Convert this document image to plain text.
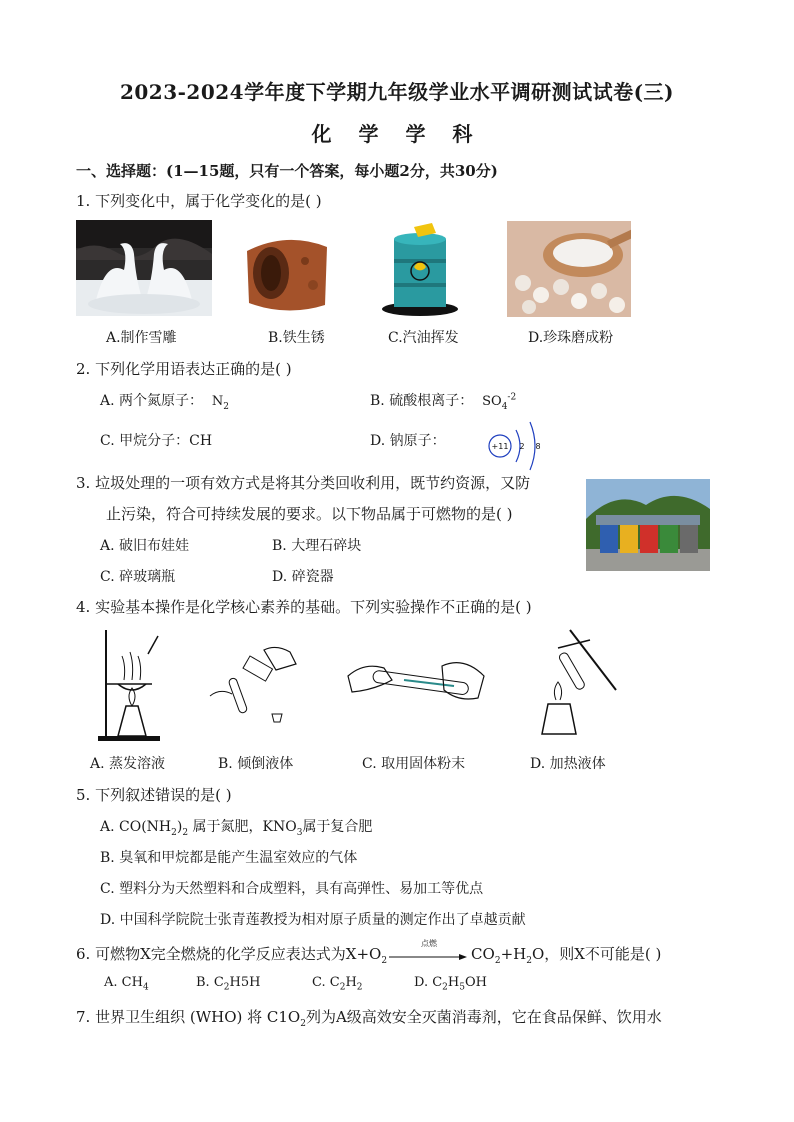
2023-2024学年度下学期九年级学业水平调研测试试卷(三)
化 学 学 科
一、选择题：(1—15题，只有一个答案，每小题2分，共30分)
1. 下列变化中，属于化学变化的是( )
A.制作雪雕	B.铁生锈	C.汽油挥发	D.珍珠磨成粉
2. 下列化学用语表达正确的是( )
A. 两个氮原子： $N_2$	B. 硫酸根离子： $SO_4^{-2}$
C. 甲烷分子：CH	D. 钠原子：	+11 2 8
3. 垃圾处理的一项有效方式是将其分类回收利用，既节约资源，又防
止污染，符合可持续发展的要求。以下物品属于可燃物的是( )
A. 破旧布娃娃	B. 大理石碎块
C. 碎玻璃瓶	D. 碎瓷器
4. 实验基本操作是化学核心素养的基础。下列实验操作不正确的是( )
A. 蒸发溶液	B. 倾倒液体	C. 取用固体粉末	D. 加热液体
5. 下列叙述错误的是( )
A. $CO(NH_2)_2$ 属于氮肥，$KNO_3$属于复合肥
B. 臭氧和甲烷都是能产生温室效应的气体
C. 塑料分为天然塑料和合成塑料，具有高弹性、易加工等优点
D. 中国科学院院士张青莲教授为相对原子质量的测定作出了卓越贡献
6. 可燃物X完全燃烧的化学反应表达式为$X+O_2$
点燃
$CO_2+H_2O$，则X不可能是( )
A. $CH_4$	B. $C_2H5H$	C. $C_2H_2$	D. $C_2H_5OH$
7. 世界卫生组织 (WHO) 将 $C1O_2$列为A级高效安全灭菌消毒剂，它在食品保鲜、饮用水
